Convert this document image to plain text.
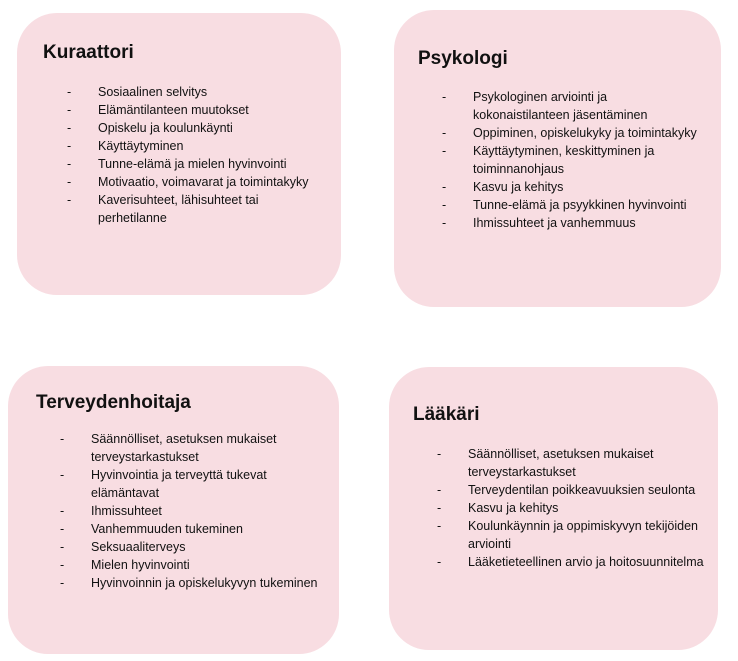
Kuraattori
- Sosiaalinen selvitys
- Elämäntilanteen muutokset
- Opiskelu ja koulunkäynti
- Käyttäytyminen
- Tunne-elämä ja mielen hyvinvointi
- Motivaatio, voimavarat ja toimintakyky
- Kaverisuhteet, lähisuhteet tai perhetilanne
Psykologi
- Psykologinen arviointi ja kokonaistilanteen jäsentäminen
- Oppiminen, opiskelukyky ja toimintakyky
- Käyttäytyminen, keskittyminen ja toiminnanohjaus
- Kasvu ja kehitys
- Tunne-elämä ja psyykkinen hyvinvointi
- Ihmissuhteet ja vanhemmuus
Terveydenhoitaja
- Säännölliset, asetuksen mukaiset terveystarkastukset
- Hyvinvointia ja terveyttä tukevat elämäntavat
- Ihmissuhteet
- Vanhemmuuden tukeminen
- Seksuaaliterveys
- Mielen hyvinvointi
- Hyvinvoinnin ja opiskelukyvyn tukeminen
Lääkäri
- Säännölliset, asetuksen mukaiset terveystarkastukset
- Terveydentilan poikkeavuuksien seulonta
- Kasvu ja kehitys
- Koulunkäynnin ja oppimiskyvyn tekijöiden arviointi
- Lääketieteellinen arvio ja hoitosuunnitelma
